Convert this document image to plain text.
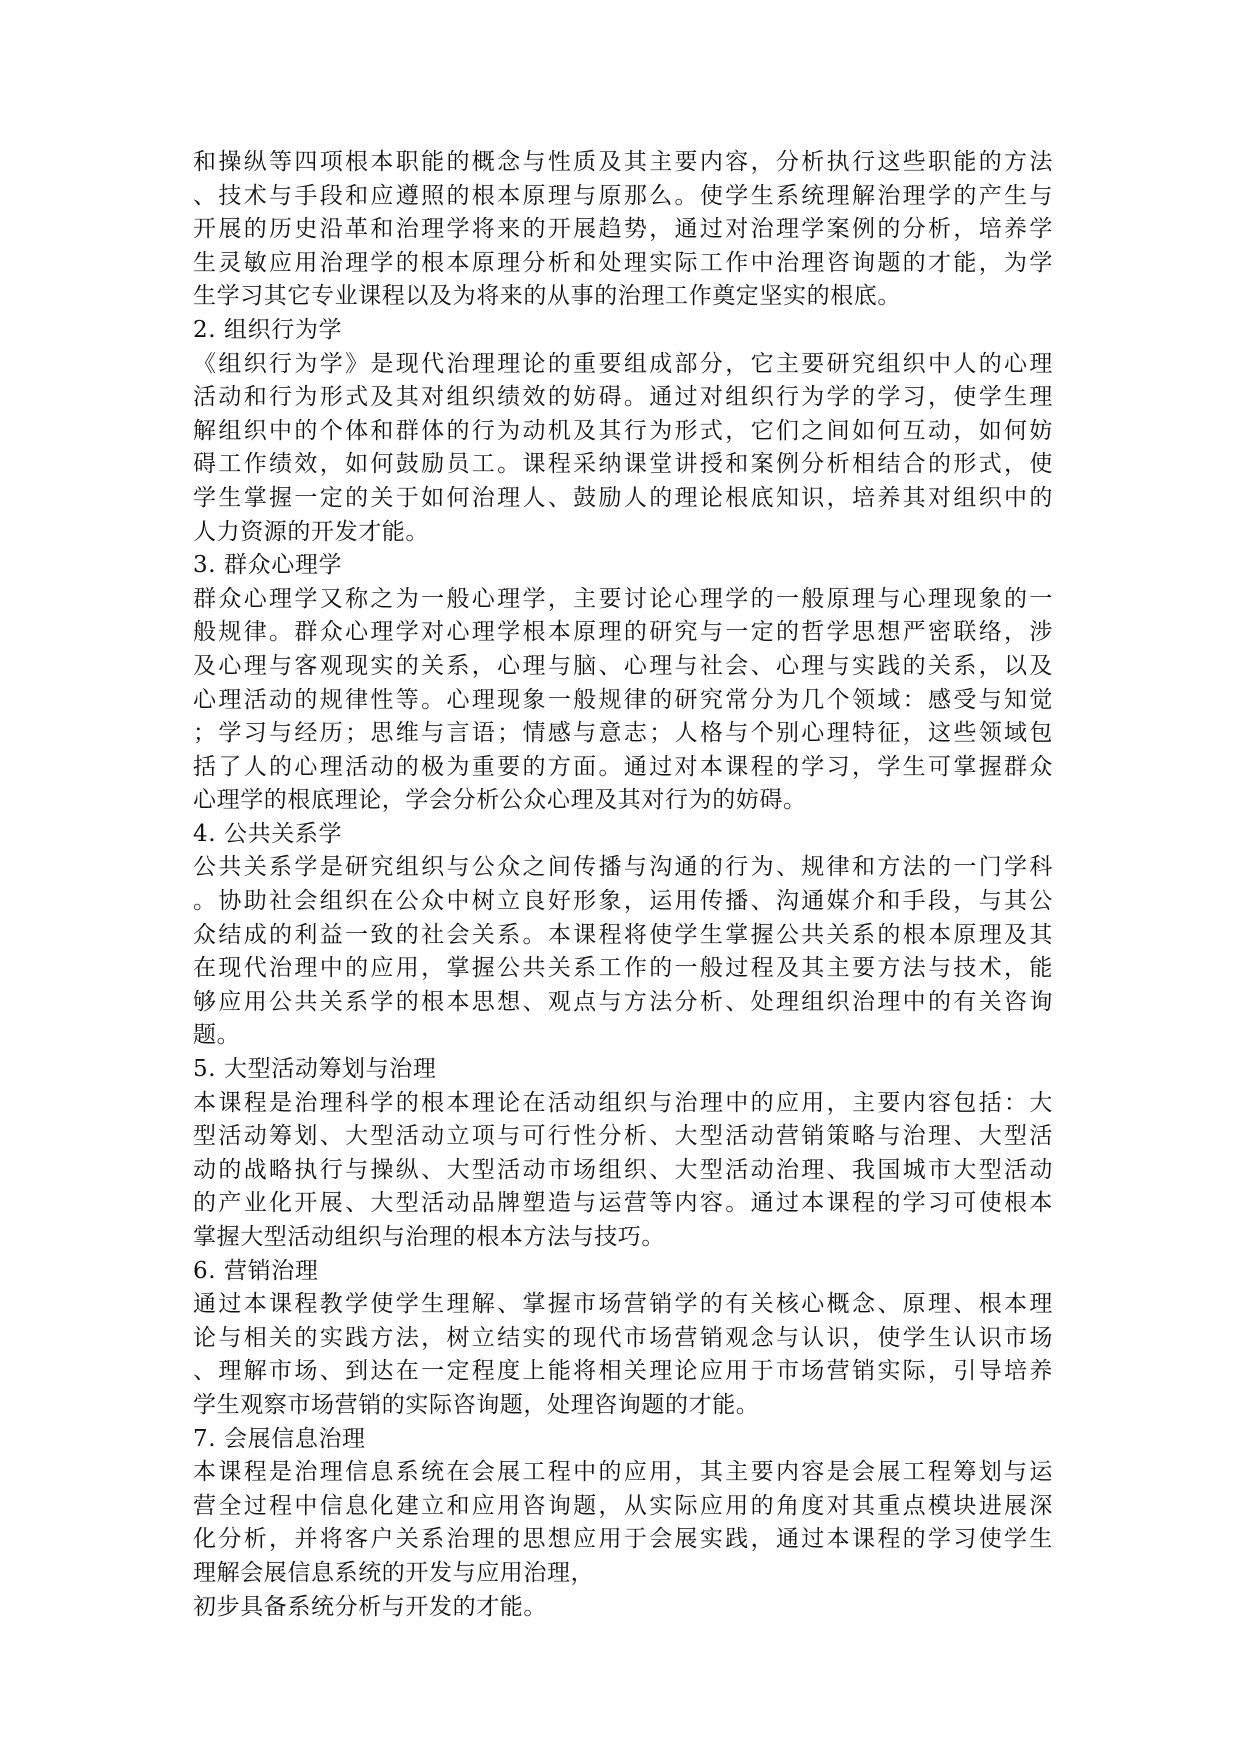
和操纵等四项根本职能的概念与性质及其主要内容，分析执行这些职能的方法
、技术与手段和应遵照的根本原理与原那么。使学生系统理解治理学的产生与
开展的历史沿革和治理学将来的开展趋势，通过对治理学案例的分析，培养学
生灵敏应用治理学的根本原理分析和处理实际工作中治理咨询题的才能，为学
生学习其它专业课程以及为将来的从事的治理工作奠定坚实的根底。
2. 组织行为学
《组织行为学》是现代治理理论的重要组成部分，它主要研究组织中人的心理
活动和行为形式及其对组织绩效的妨碍。通过对组织行为学的学习，使学生理
解组织中的个体和群体的行为动机及其行为形式，它们之间如何互动，如何妨
碍工作绩效，如何鼓励员工。课程采纳课堂讲授和案例分析相结合的形式，使
学生掌握一定的关于如何治理人、鼓励人的理论根底知识，培养其对组织中的
人力资源的开发才能。
3. 群众心理学
群众心理学又称之为一般心理学，主要讨论心理学的一般原理与心理现象的一
般规律。群众心理学对心理学根本原理的研究与一定的哲学思想严密联络，涉
及心理与客观现实的关系，心理与脑、心理与社会、心理与实践的关系，以及
心理活动的规律性等。心理现象一般规律的研究常分为几个领域：感受与知觉
；学习与经历；思维与言语；情感与意志；人格与个别心理特征，这些领域包
括了人的心理活动的极为重要的方面。通过对本课程的学习，学生可掌握群众
心理学的根底理论，学会分析公众心理及其对行为的妨碍。
4. 公共关系学
公共关系学是研究组织与公众之间传播与沟通的行为、规律和方法的一门学科
。协助社会组织在公众中树立良好形象，运用传播、沟通媒介和手段，与其公
众结成的利益一致的社会关系。本课程将使学生掌握公共关系的根本原理及其
在现代治理中的应用，掌握公共关系工作的一般过程及其主要方法与技术，能
够应用公共关系学的根本思想、观点与方法分析、处理组织治理中的有关咨询
题。
5. 大型活动筹划与治理
本课程是治理科学的根本理论在活动组织与治理中的应用，主要内容包括：大
型活动筹划、大型活动立项与可行性分析、大型活动营销策略与治理、大型活
动的战略执行与操纵、大型活动市场组织、大型活动治理、我国城市大型活动
的产业化开展、大型活动品牌塑造与运营等内容。通过本课程的学习可使根本
掌握大型活动组织与治理的根本方法与技巧。
6. 营销治理
通过本课程教学使学生理解、掌握市场营销学的有关核心概念、原理、根本理
论与相关的实践方法，树立结实的现代市场营销观念与认识，使学生认识市场
、理解市场、到达在一定程度上能将相关理论应用于市场营销实际，引导培养
学生观察市场营销的实际咨询题，处理咨询题的才能。
7. 会展信息治理
本课程是治理信息系统在会展工程中的应用，其主要内容是会展工程筹划与运
营全过程中信息化建立和应用咨询题，从实际应用的角度对其重点模块进展深
化分析，并将客户关系治理的思想应用于会展实践，通过本课程的学习使学生
理解会展信息系统的开发与应用治理，
初步具备系统分析与开发的才能。
